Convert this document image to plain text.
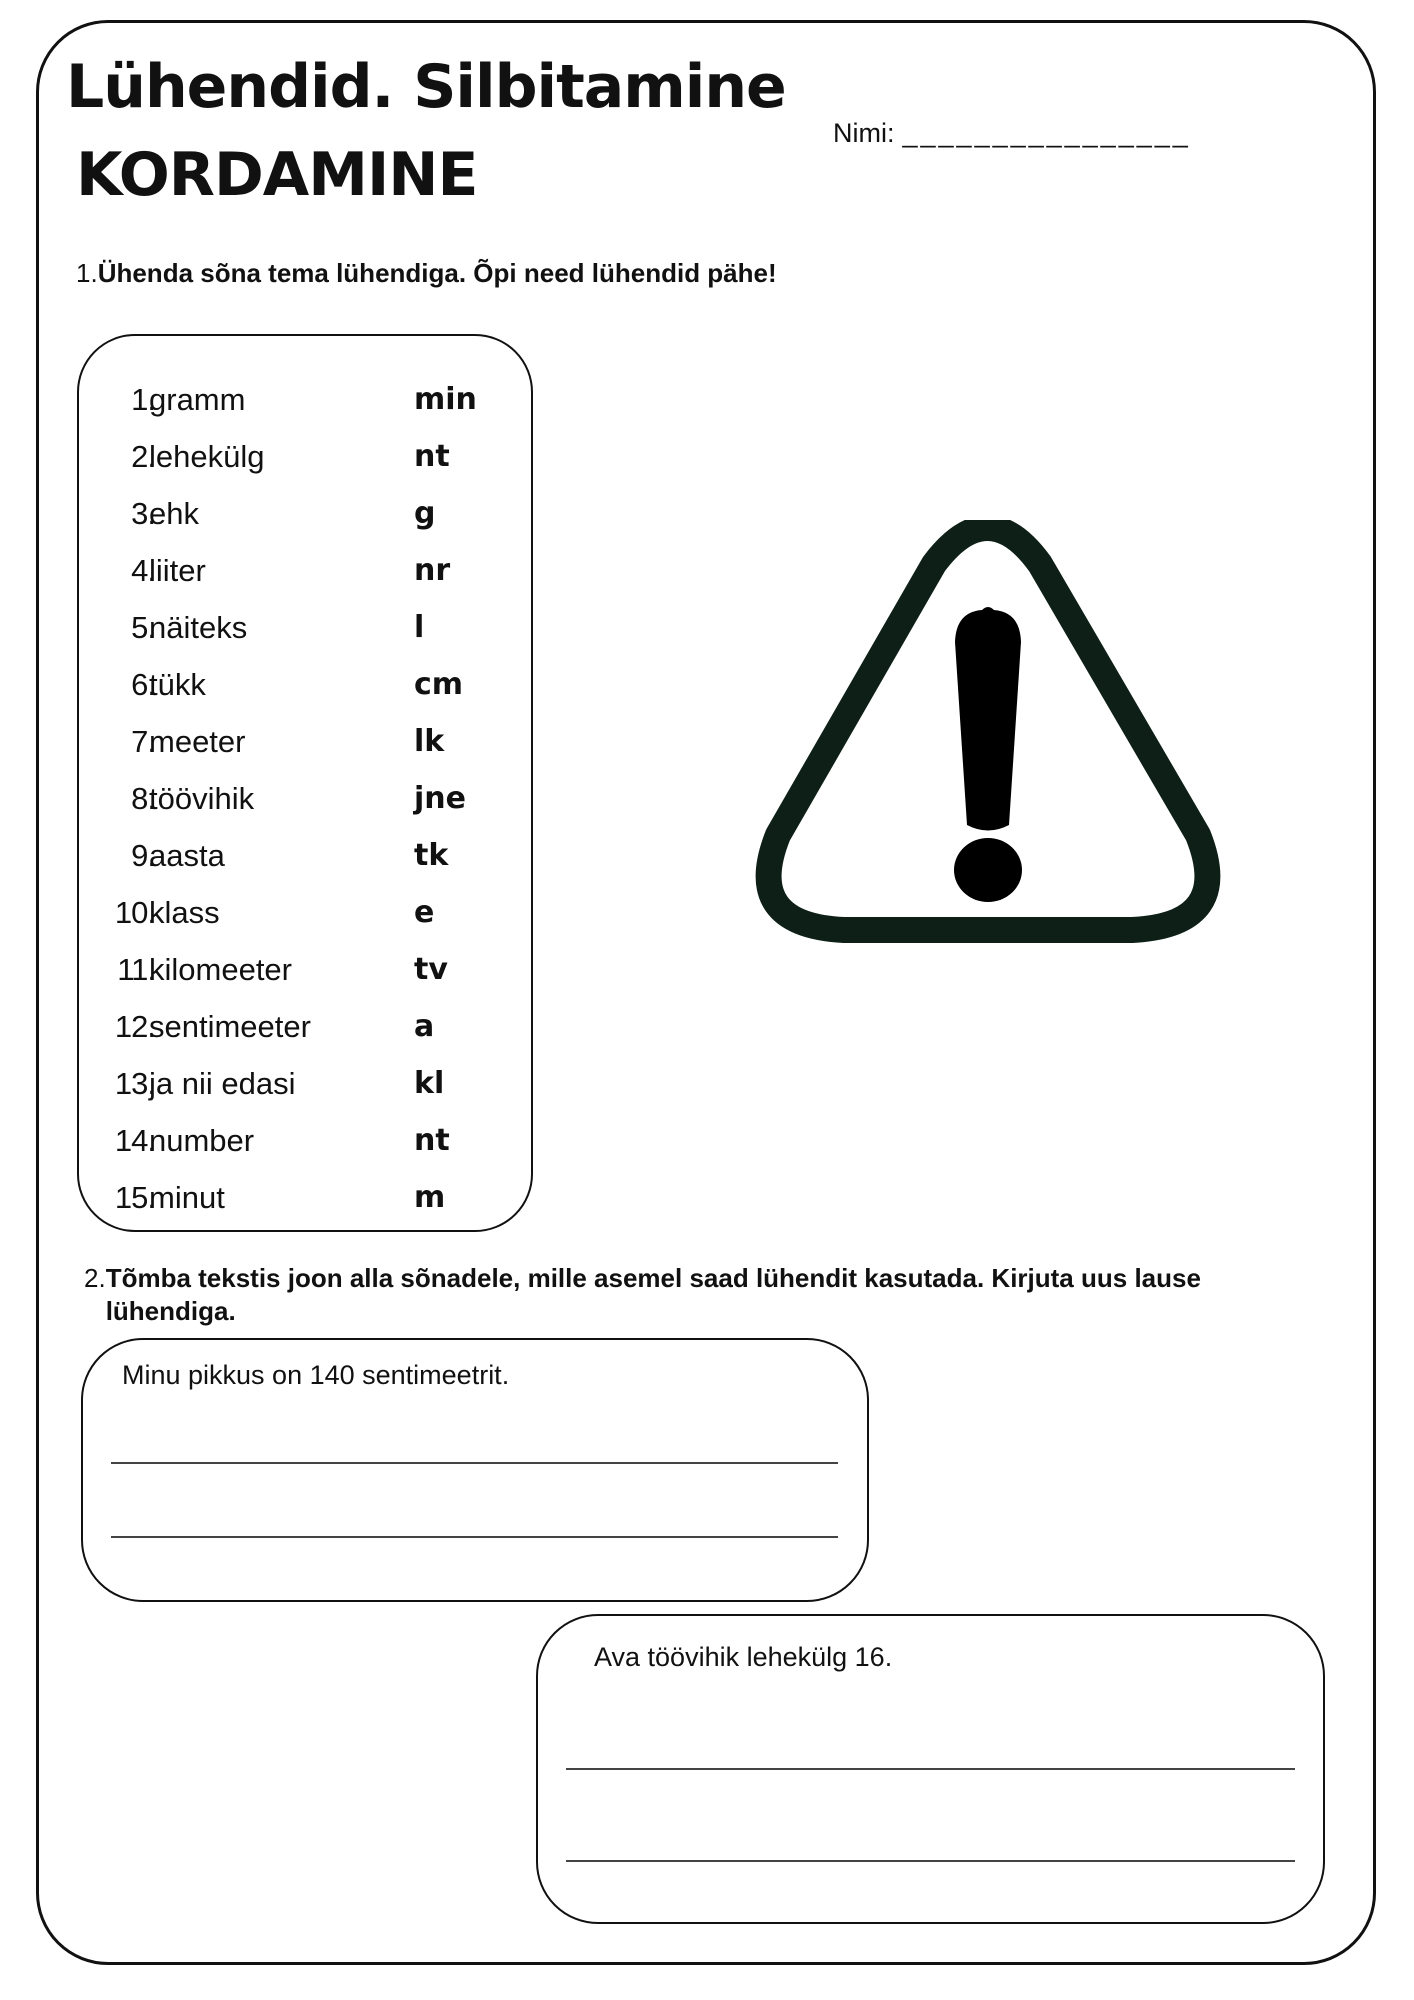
Lühendid. Silbitamine
KORDAMINE
Nimi: ________________
1.Ühenda sõna tema lühendiga. Õpi need lühendid pähe!
1.
gramm	min
2.
lehekülg	nt
3.
ehk	g
4.
liiter	nr
5.
näiteks	l
6.
tükk	cm
7.
meeter	lk
8.
töövihik	jne
9.
aasta	tk
10.
klass	e
11.
kilomeeter	tv
12.
sentimeeter	a
13.
ja nii edasi	kl
14.
number	nt
15.
minut	m
2.Tõmba tekstis joon alla sõnadele, mille asemel saad lühendit kasutada. Kirjuta uus lause lühendiga.
Minu pikkus on 140 sentimeetrit.
Ava töövihik lehekülg 16.
